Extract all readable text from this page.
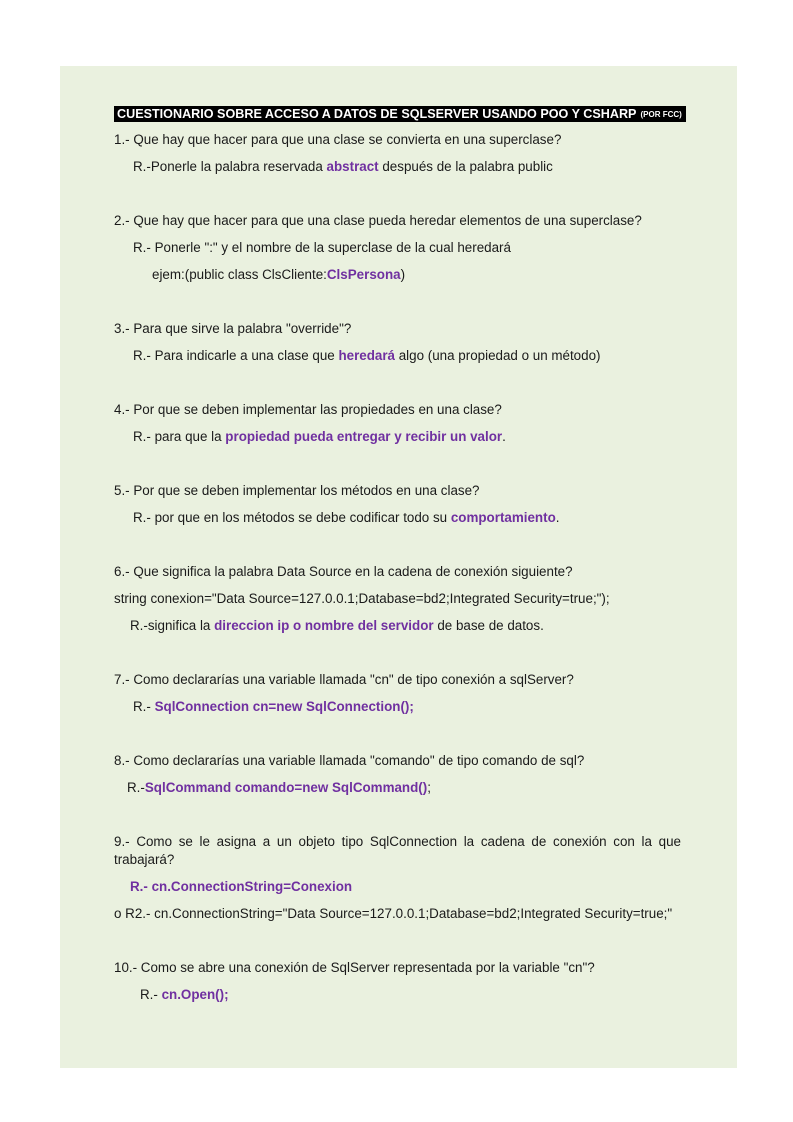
CUESTIONARIO SOBRE ACCESO A DATOS DE SQLSERVER USANDO POO Y CSHARP (POR FCC)
1.- Que hay que hacer para que una clase se convierta en una superclase?
R.-Ponerle la palabra reservada abstract después de la palabra public
2.- Que hay que hacer para que una clase pueda heredar elementos de una superclase?
R.- Ponerle ":" y el nombre de la superclase de la cual heredará
ejem:(public class ClsCliente:ClsPersona)
3.- Para que sirve la palabra "override"?
R.- Para indicarle a una clase que heredará algo (una propiedad o un método)
4.- Por que se deben implementar las propiedades en una clase?
R.- para que la propiedad pueda entregar y recibir un valor.
5.- Por que se deben implementar los métodos en una clase?
R.- por que en los métodos se debe codificar todo su comportamiento.
6.- Que significa la palabra Data Source en la cadena de conexión siguiente?
string conexion="Data Source=127.0.0.1;Database=bd2;Integrated Security=true;");
R.-significa la direccion ip o nombre del servidor de base de datos.
7.- Como declararías una variable llamada "cn" de tipo conexión a sqlServer?
R.- SqlConnection cn=new SqlConnection();
8.- Como declararías una variable llamada "comando" de tipo comando de sql?
R.-SqlCommand comando=new SqlCommand();
9.- Como se le asigna a un objeto tipo SqlConnection la cadena de conexión con la que
trabajará?
R.- cn.ConnectionString=Conexion
o R2.- cn.ConnectionString="Data Source=127.0.0.1;Database=bd2;Integrated Security=true;"
10.- Como se abre una conexión de SqlServer representada por la variable "cn"?
R.- cn.Open();
